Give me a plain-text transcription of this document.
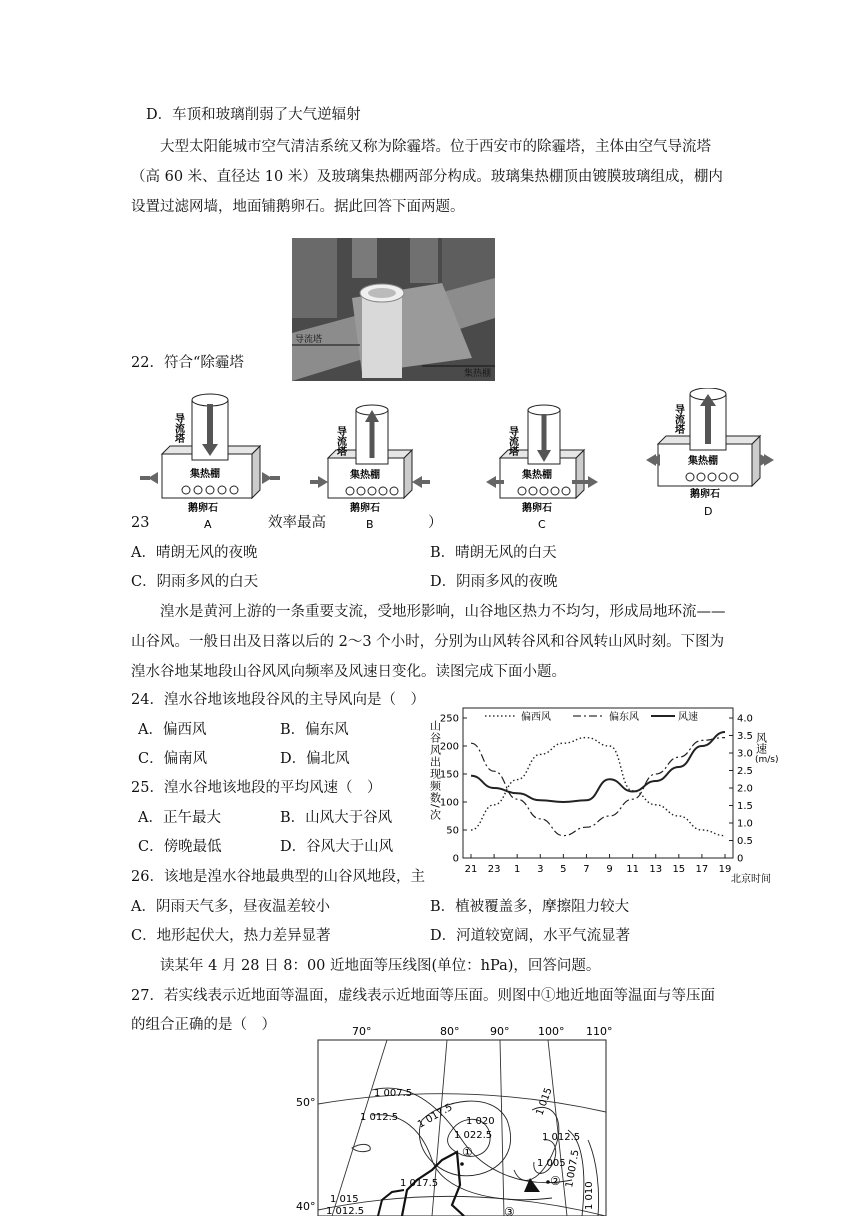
D．车顶和玻璃削弱了大气逆辐射
大型太阳能城市空气清洁系统又称为除霾塔。位于西安市的除霾塔，主体由空气导流塔（高 60 米、直径达 10 米）及玻璃集热棚两部分构成。玻璃集热棚顶由镀膜玻璃组成，棚内设置过滤网墙，地面铺鹅卵石。据此回答下面两题。
导流塔
集热棚
22．符合“除霾塔
导流塔
集热棚
鹅卵石
A
导流塔
集热棚
鹅卵石
B
导流塔
集热棚
鹅卵石
C
导流塔
集热棚
鹅卵石
D
23	效率最高	）
A．晴朗无风的夜晚	B．晴朗无风的白天
C．阴雨多风的白天	D．阴雨多风的夜晚
湟水是黄河上游的一条重要支流，受地形影响，山谷地区热力不均匀，形成局地环流——山谷风。一般日出及日落以后的 2～3 个小时，分别为山风转谷风和谷风转山风时刻。下图为湟水谷地某地段山谷风风向频率及风速日变化。读图完成下面小题。
24．湟水谷地该地段谷风的主导风向是（　）
A．偏西风	B．偏东风
C．偏南风	D．偏北风
25．湟水谷地该地段的平均风速（　）
A．正午最大	B．山风大于谷风
C．傍晚最低	D．谷风大于山风
0
50
100
150
200
250
0
0.5
1.0
1.5
2.0
2.5
3.0
3.5
4.0
21 23 1 3 5 7 9 11 13 15 17 19
山谷风出现频数/次
北京时间
偏西风	偏东风	风速
风速
(m/s)
26．该地是湟水谷地最典型的山谷风地段，主
A．阴雨天气多，昼夜温差较小	B．植被覆盖多，摩擦阻力较大
C．地形起伏大，热力差异显著	D．河道较宽阔，水平气流显著
读某年 4 月 28 日 8：00 近地面等压线图(单位：hPa)，回答问题。
27．若实线表示近地面等温面，虚线表示近地面等压面。则图中①地近地面等温面与等压面
的组合正确的是（　）	70°	80°	90°	100° 110°
50°
40°
1 007.5
1 012.5 1 017.5 1 020
1 022.5
1 015
1 012.5
1 005
1 007.5
1 017.5
1 015
1 012.5
1 010
①
②
③
